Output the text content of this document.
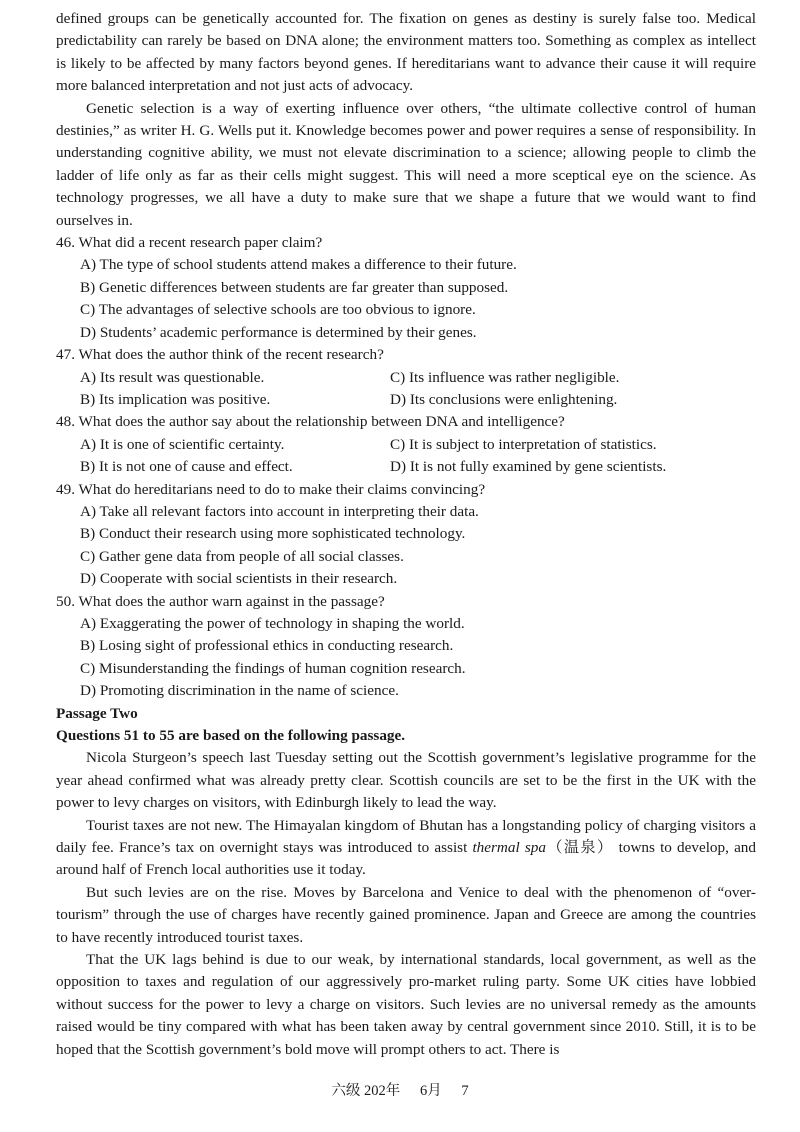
defined groups can be genetically accounted for. The fixation on genes as destiny is surely false too. Medical predictability can rarely be based on DNA alone; the environment matters too. Something as complex as intellect is likely to be affected by many factors beyond genes. If hereditarians want to advance their cause it will require more balanced interpretation and not just acts of advocacy.

Genetic selection is a way of exerting influence over others, “the ultimate collective control of human destinies,” as writer H. G. Wells put it. Knowledge becomes power and power requires a sense of responsibility. In understanding cognitive ability, we must not elevate discrimination to a science; allowing people to climb the ladder of life only as far as their cells might suggest. This will need a more sceptical eye on the science. As technology progresses, we all have a duty to make sure that we shape a future that we would want to find ourselves in.

46. What did a recent research paper claim?

A) The type of school students attend makes a difference to their future.

B) Genetic differences between students are far greater than supposed.

C) The advantages of selective schools are too obvious to ignore.

D) Students’ academic performance is determined by their genes.

47. What does the author think of the recent research?

A) Its result was questionable.	C) Its influence was rather negligible.
B) Its implication was positive.	D) Its conclusions were enlightening.

48. What does the author say about the relationship between DNA and intelligence?

A) It is one of scientific certainty.	C) It is subject to interpretation of statistics.
B) It is not one of cause and effect.	D) It is not fully examined by gene scientists.

49. What do hereditarians need to do to make their claims convincing?

A) Take all relevant factors into account in interpreting their data.

B) Conduct their research using more sophisticated technology.

C) Gather gene data from people of all social classes.

D) Cooperate with social scientists in their research.

50. What does the author warn against in the passage?

A) Exaggerating the power of technology in shaping the world.

B) Losing sight of professional ethics in conducting research.

C) Misunderstanding the findings of human cognition research.

D) Promoting discrimination in the name of science.

Passage Two

Questions 51 to 55 are based on the following passage.

Nicola Sturgeon’s speech last Tuesday setting out the Scottish government’s legislative programme for the year ahead confirmed what was already pretty clear. Scottish councils are set to be the first in the UK with the power to levy charges on visitors, with Edinburgh likely to lead the way.

Tourist taxes are not new. The Himayalan kingdom of Bhutan has a longstanding policy of charging visitors a daily fee. France’s tax on overnight stays was introduced to assist thermal spa（温泉） towns to develop, and around half of French local authorities use it today.

But such levies are on the rise. Moves by Barcelona and Venice to deal with the phenomenon of “over-tourism” through the use of charges have recently gained prominence. Japan and Greece are among the countries to have recently introduced tourist taxes.

That the UK lags behind is due to our weak, by international standards, local government, as well as the opposition to taxes and regulation of our aggressively pro-market ruling party. Some UK cities have lobbied without success for the power to levy a charge on visitors. Such levies are no universal remedy as the amounts raised would be tiny compared with what has been taken away by central government since 2010. Still, it is to be hoped that the Scottish government’s bold move will prompt others to act. There is

六级 202年 6月 7
